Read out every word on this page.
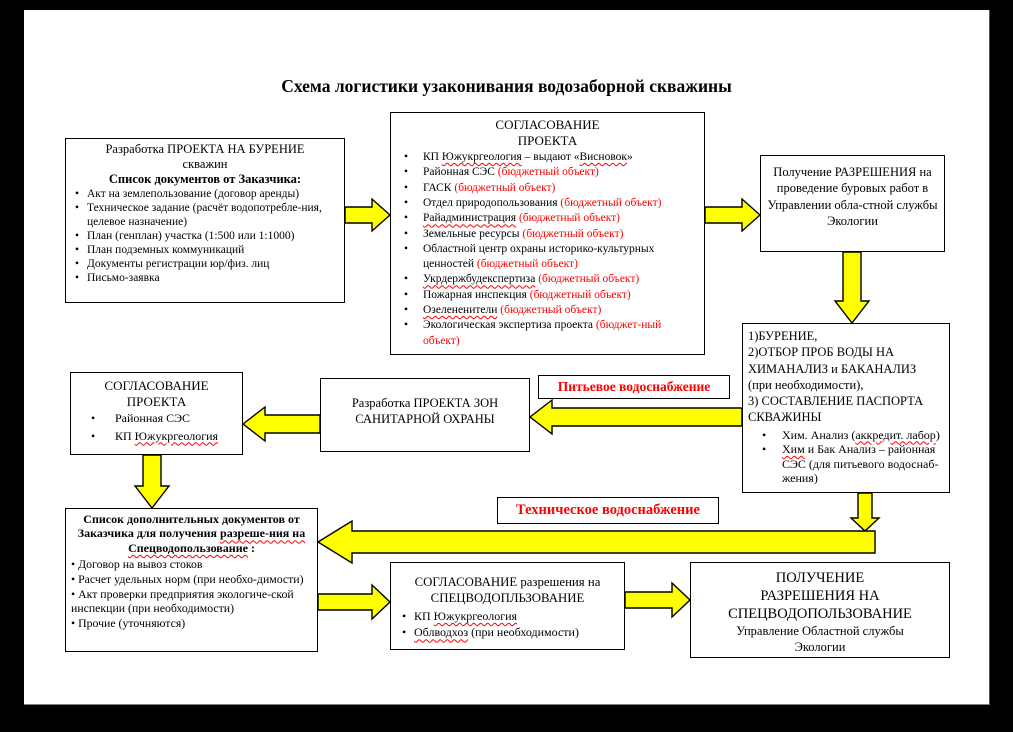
Схема логистики узаконивания водозаборной скважины
Разработка ПРОЕКТА НА БУРЕНИЕ
скважин
Список документов от Заказчика:
• Акт на землепользование (договор аренды)
• Техническое задание (расчёт водопотребле-ния, целевое назначение)
• План (генплан) участка (1:500 или 1:1000)
• План подземных коммуникаций
• Документы регистрации юр/физ. лиц
• Письмо-заявка
СОГЛАСОВАНИЕ
ПРОЕКТА
• КП Южукргеология – выдают «Висновок»
• Районная СЭС (бюджетный объект)
• ГАСК (бюджетный объект)
• Отдел природопользования (бюджетный объект)
• Райадминистрация (бюджетный объект)
• Земельные ресурсы (бюджетный объект)
• Областной центр охраны историко-культурных ценностей (бюджетный объект)
• Укрдержбудекспертиза (бюджетный объект)
• Пожарная инспекция (бюджетный объект)
• Озелененители (бюджетный объект)
• Экологическая экспертиза проекта (бюджет-ный объект)
Получение РАЗРЕШЕНИЯ на проведение буровых работ в Управлении обла-стной службы Экологии
1)БУРЕНИЕ,
2)ОТБОР ПРОБ ВОДЫ НА ХИМАНАЛИЗ и БАКАНАЛИЗ
(при необходимости),
3) СОСТАВЛЕНИЕ ПАСПОРТА СКВАЖИНЫ
• Хим. Анализ (аккредит. лабор)
• Хим и Бак Анализ – районная СЭС (для питьевого водоснаб-жения)
СОГЛАСОВАНИЕ
ПРОЕКТА
• Районная СЭС
• КП Южукргеология
Разработка ПРОЕКТА ЗОН
САНИТАРНОЙ ОХРАНЫ
Питьевое водоснабжение
Техническое водоснабжение
Список дополнительных документов от Заказчика для получения разреше-ния на Спецводопользование :
• Договор на вывоз стоков
• Расчет удельных норм (при необхо-димости)
• Акт проверки предприятия экологиче-ской инспекции (при необходимости)
• Прочие (уточняются)
СОГЛАСОВАНИЕ разрешения на
СПЕЦВОДОПЛЬЗОВАНИЕ
• КП Южукргеология
• Облводхоз (при необходимости)
ПОЛУЧЕНИЕ
РАЗРЕШЕНИЯ НА
СПЕЦВОДОПОЛЬЗОВАНИЕ
Управление Областной службы
Экологии
